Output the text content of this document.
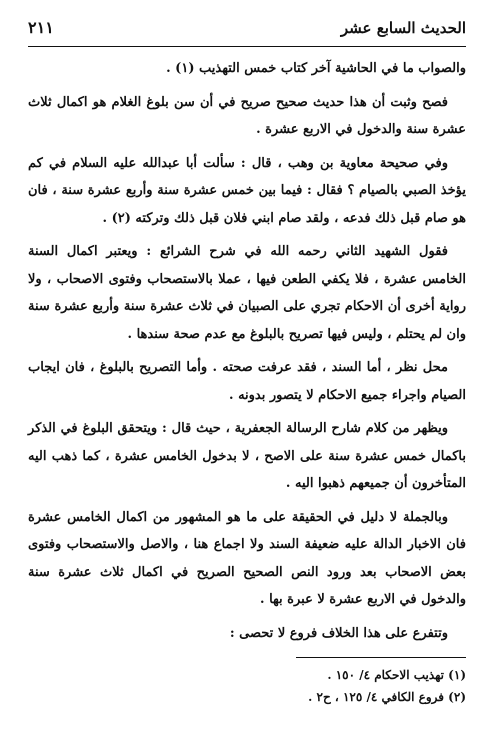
الحديث السابع عشر
٢١١

والصواب ما في الحاشية آخر كتاب خمس التهذيب (١) .

فصح وثبت أن هذا حديث صحيح صريح في أن سن بلوغ الغلام هو اكمال ثلاث عشرة سنة والدخول في الاربع عشرة .

وفي صحيحة معاوية بن وهب ، قال : سألت أبا عبدالله عليه السلام في كم يؤخذ الصبي بالصيام ؟ فقال : فيما بين خمس عشرة سنة وأربع عشرة سنة ، فان هو صام قبل ذلك فدعه ، ولقد صام ابني فلان قبل ذلك وتركته (٢) .

فقول الشهيد الثاني رحمه الله في شرح الشرائع : ويعتبر اكمال السنة الخامس عشرة ، فلا يكفي الطعن فيها ، عملا بالاستصحاب وفتوى الاصحاب ، ولا رواية أخرى أن الاحكام تجري على الصبيان في ثلاث عشرة سنة وأربع عشرة سنة وان لم يحتلم ، وليس فيها تصريح بالبلوغ مع عدم صحة سندها .

محل نظر ، أما السند ، فقد عرفت صحته . وأما التصريح بالبلوغ ، فان ايجاب الصيام واجراء جميع الاحكام لا يتصور بدونه .

ويظهر من كلام شارح الرسالة الجعفرية ، حيث قال : ويتحقق البلوغ في الذكر باكمال خمس عشرة سنة على الاصح ، لا بدخول الخامس عشرة ، كما ذهب اليه المتأخرون أن جميعهم ذهبوا اليه .

وبالجملة لا دليل في الحقيقة على ما هو المشهور من اكمال الخامس عشرة فان الاخبار الدالة عليه ضعيفة السند ولا اجماع هنا ، والاصل والاستصحاب وفتوى بعض الاصحاب بعد ورود النص الصحيح الصريح في اكمال ثلاث عشرة سنة والدخول في الاربع عشرة لا عبرة بها .

وتتفرع على هذا الخلاف فروع لا تحصى :

(١) تهذيب الاحكام ٤/ ١٥٠ .
(٢) فروع الكافي ٤/ ١٢٥ ، ح٢ .
